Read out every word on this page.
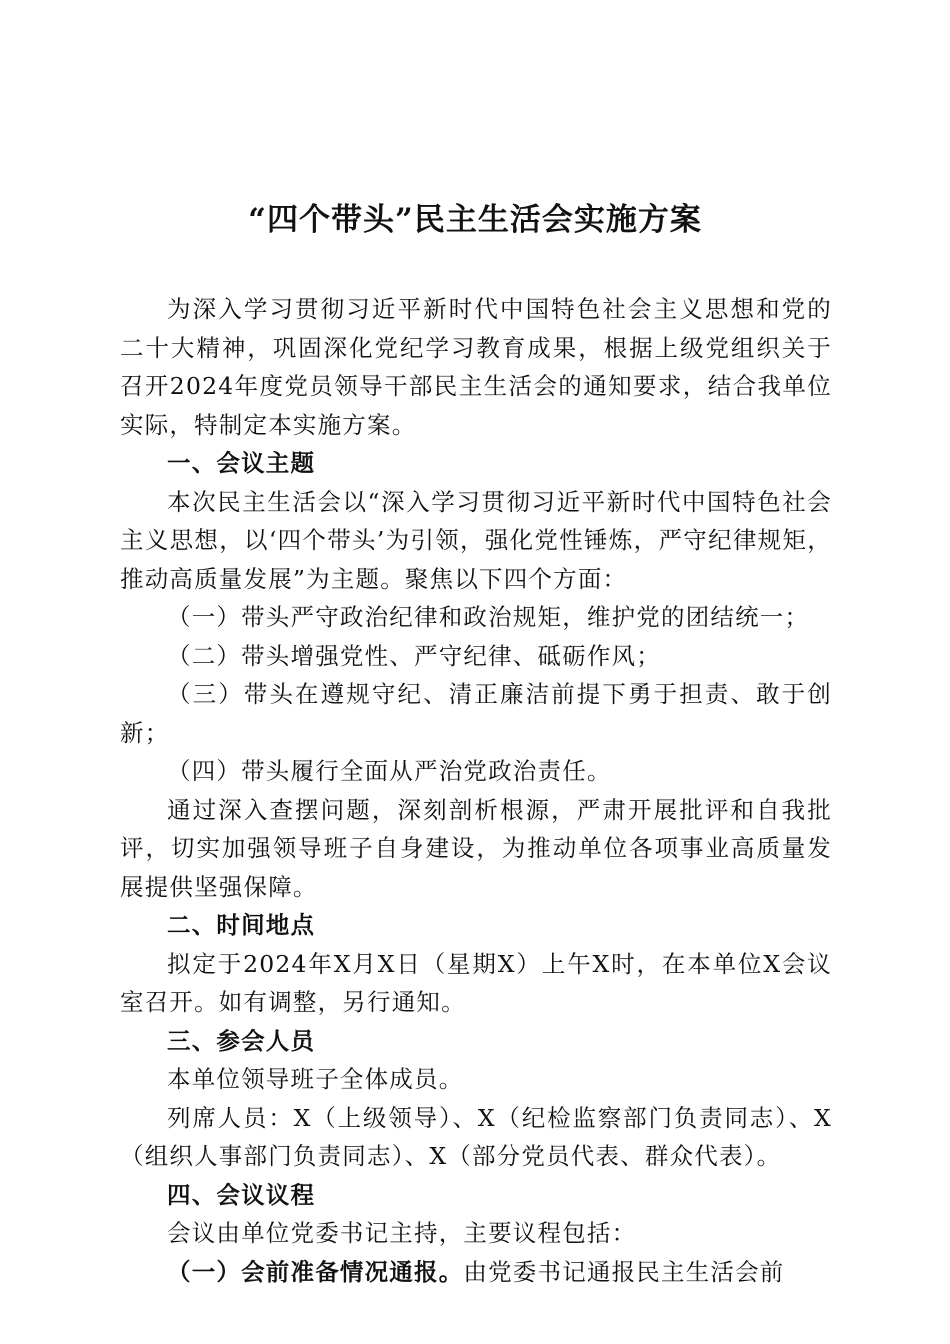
“四个带头”民主生活会实施方案

为深入学习贯彻习近平新时代中国特色社会主义思想和党的二十大精神，巩固深化党纪学习教育成果，根据上级党组织关于召开2024年度党员领导干部民主生活会的通知要求，结合我单位实际，特制定本实施方案。

一、会议主题

本次民主生活会以“深入学习贯彻习近平新时代中国特色社会主义思想，以‘四个带头’为引领，强化党性锤炼，严守纪律规矩，推动高质量发展”为主题。聚焦以下四个方面：

（一）带头严守政治纪律和政治规矩，维护党的团结统一；

（二）带头增强党性、严守纪律、砥砺作风；

（三）带头在遵规守纪、清正廉洁前提下勇于担责、敢于创新；

（四）带头履行全面从严治党政治责任。

通过深入查摆问题，深刻剖析根源，严肃开展批评和自我批评，切实加强领导班子自身建设，为推动单位各项事业高质量发展提供坚强保障。

二、时间地点

拟定于2024年X月X日（星期X）上午X时，在本单位X会议室召开。如有调整，另行通知。

三、参会人员

本单位领导班子全体成员。

列席人员：X（上级领导）、X（纪检监察部门负责同志）、X（组织人事部门负责同志）、X（部分党员代表、群众代表）。

四、会议议程

会议由单位党委书记主持，主要议程包括：

（一）会前准备情况通报。由党委书记通报民主生活会前
